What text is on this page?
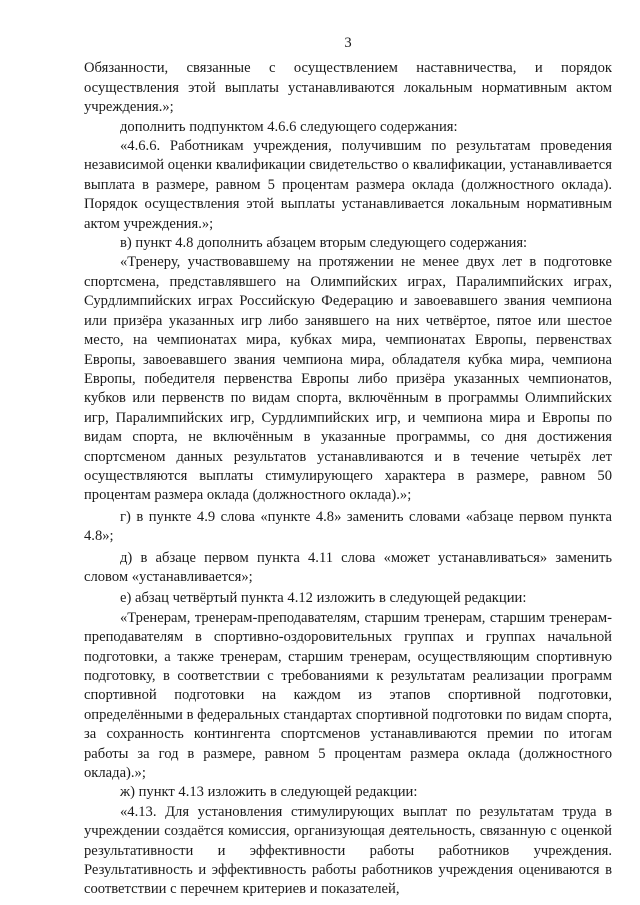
3

Обязанности, связанные с осуществлением наставничества, и порядок осуществления этой выплаты устанавливаются локальным нормативным актом учреждения.»;

дополнить подпунктом 4.6.6 следующего содержания:

«4.6.6. Работникам учреждения, получившим по результатам проведения независимой оценки квалификации свидетельство о квалификации, устанавливается выплата в размере, равном 5 процентам размера оклада (должностного оклада). Порядок осуществления этой выплаты устанавливается локальным нормативным актом учреждения.»;

в) пункт 4.8 дополнить абзацем вторым следующего содержания:

«Тренеру, участвовавшему на протяжении не менее двух лет в подготовке спортсмена, представлявшего на Олимпийских играх, Паралимпийских играх, Сурдлимпийских играх Российскую Федерацию и завоевавшего звания чемпиона или призёра указанных игр либо занявшего на них четвёртое, пятое или шестое место, на чемпионатах мира, кубках мира, чемпионатах Европы, первенствах Европы, завоевавшего звания чемпиона мира, обладателя кубка мира, чемпиона Европы, победителя первенства Европы либо призёра указанных чемпионатов, кубков или первенств по видам спорта, включённым в программы Олимпийских игр, Паралимпийских игр, Сурдлимпийских игр, и чемпиона мира и Европы по видам спорта, не включённым в указанные программы, со дня достижения спортсменом данных результатов устанавливаются и в течение четырёх лет осуществляются выплаты стимулирующего характера в размере, равном 50 процентам размера оклада (должностного оклада).»;

г) в пункте 4.9 слова «пункте 4.8» заменить словами «абзаце первом пункта 4.8»;

д) в абзаце первом пункта 4.11 слова «может устанавливаться» заменить словом «устанавливается»;

е) абзац четвёртый пункта 4.12 изложить в следующей редакции:

«Тренерам, тренерам-преподавателям, старшим тренерам, старшим тренерам-преподавателям в спортивно-оздоровительных группах и группах начальной подготовки, а также тренерам, старшим тренерам, осуществляющим спортивную подготовку, в соответствии с требованиями к результатам реализации программ спортивной подготовки на каждом из этапов спортивной подготовки, определёнными в федеральных стандартах спортивной подготовки по видам спорта, за сохранность контингента спортсменов устанавливаются премии по итогам работы за год в размере, равном 5 процентам размера оклада (должностного оклада).»;

ж) пункт 4.13 изложить в следующей редакции:

«4.13. Для установления стимулирующих выплат по результатам труда в учреждении создаётся комиссия, организующая деятельность, связанную с оценкой результативности и эффективности работы работников учреждения. Результативность и эффективность работы работников учреждения оцениваются в соответствии с перечнем критериев и показателей,
